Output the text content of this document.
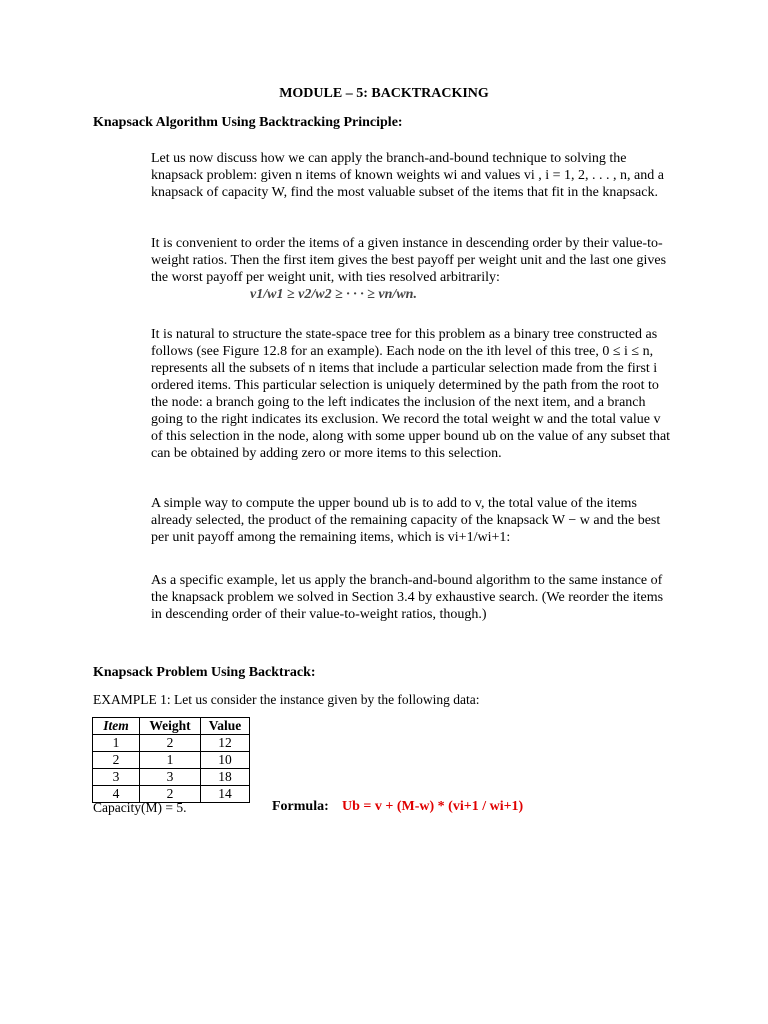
MODULE – 5: BACKTRACKING
Knapsack Algorithm Using Backtracking Principle:
Let us now discuss how we can apply the branch-and-bound technique to solving the knapsack problem: given n items of known weights wi and values vi , i = 1, 2, . . . , n, and a knapsack of capacity W, find the most valuable subset of the items that fit in the knapsack.
It is convenient to order the items of a given instance in descending order by their value-to-weight ratios. Then the first item gives the best payoff per weight unit and the last one gives the worst payoff per weight unit, with ties resolved arbitrarily:
v1/w1 ≥ v2/w2 ≥ · · · ≥ vn/wn.
It is natural to structure the state-space tree for this problem as a binary tree constructed as follows (see Figure 12.8 for an example). Each node on the ith level of this tree, 0 ≤ i ≤ n, represents all the subsets of n items that include a particular selection made from the first i ordered items. This particular selection is uniquely determined by the path from the root to the node: a branch going to the left indicates the inclusion of the next item, and a branch going to the right indicates its exclusion. We record the total weight w and the total value v of this selection in the node, along with some upper bound ub on the value of any subset that can be obtained by adding zero or more items to this selection.
A simple way to compute the upper bound ub is to add to v, the total value of the items already selected, the product of the remaining capacity of the knapsack W − w and the best per unit payoff among the remaining items, which is vi+1/wi+1:
As a specific example, let us apply the branch-and-bound algorithm to the same instance of the knapsack problem we solved in Section 3.4 by exhaustive search. (We reorder the items in descending order of their value-to-weight ratios, though.)
Knapsack Problem Using Backtrack:
EXAMPLE 1: Let us consider the instance given by the following data:
Item	Weight	Value
1	2	12
2	1	10
3	3	18
4	2	14
Capacity(M) = 5.	Formula: Ub = v + (M-w) * (vi+1 / wi+1)
